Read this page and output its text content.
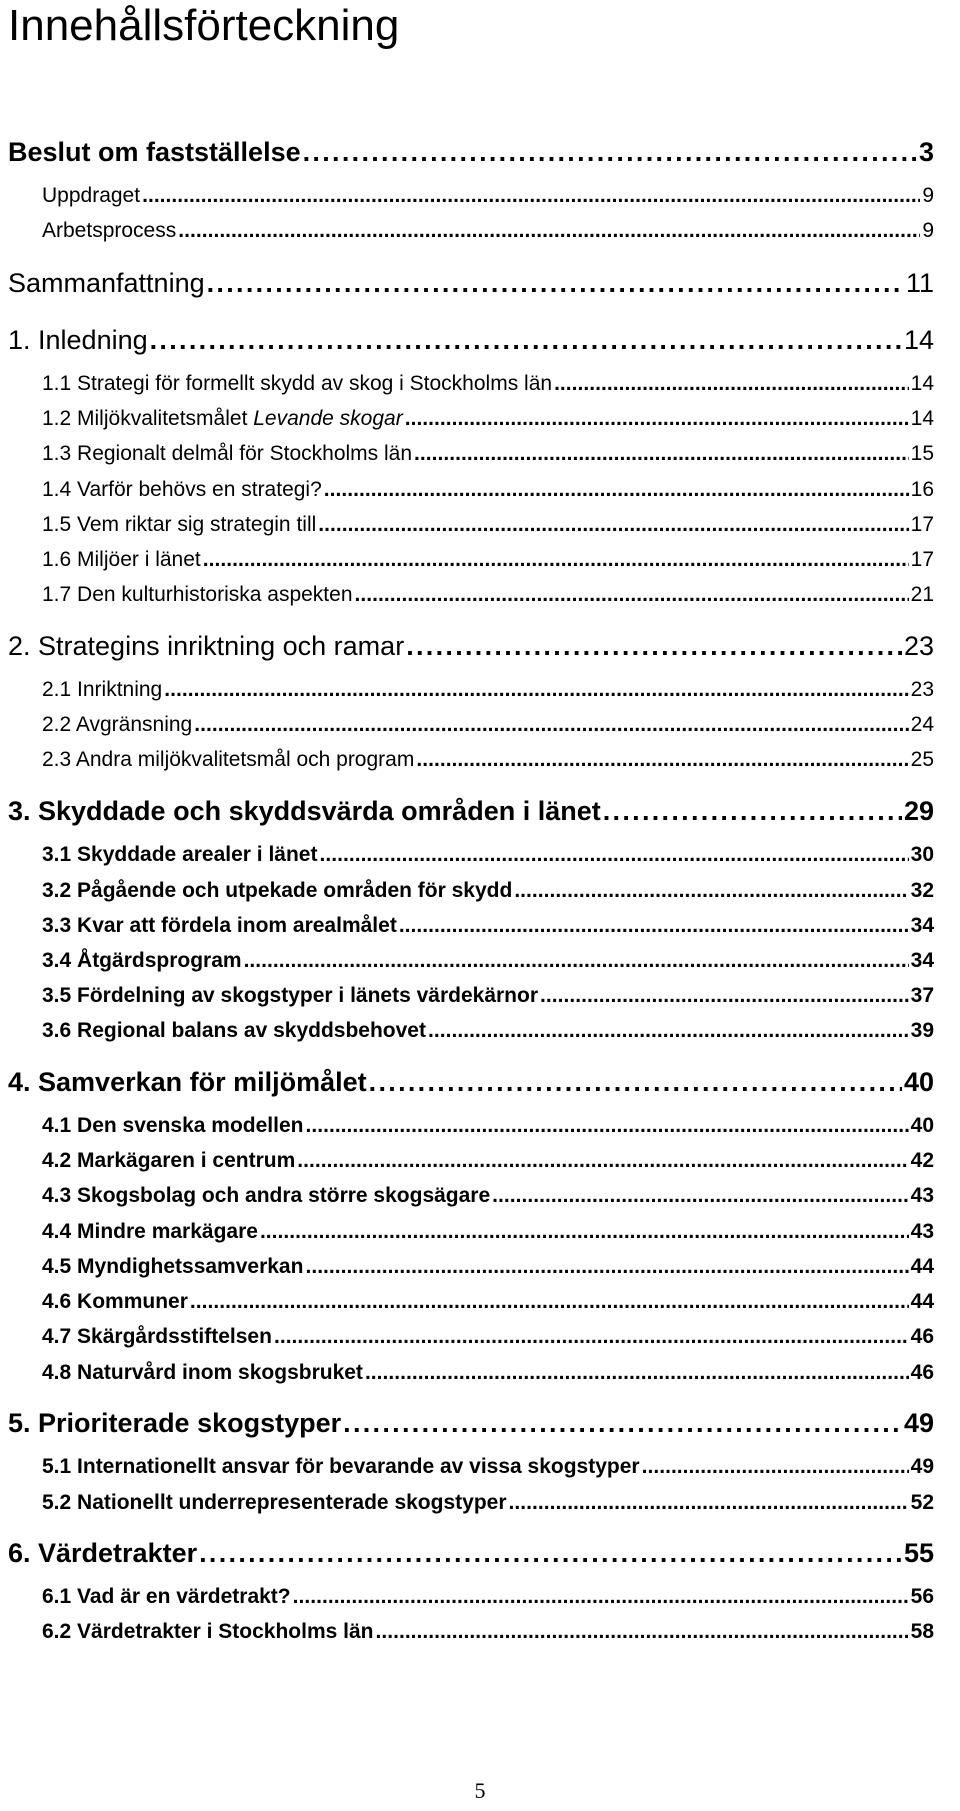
Innehållsförteckning
Beslut om fastställelse . . .	3
Uppdraget . . .	9
Arbetsprocess . . .	9
Sammanfattning . . .	11
1. Inledning . . .	14
1.1 Strategi för formellt skydd av skog i Stockholms län . . .	14
1.2 Miljökvalitetsmålet Levande skogar . . .	14
1.3 Regionalt delmål för Stockholms län . . .	15
1.4 Varför behövs en strategi? . . .	16
1.5 Vem riktar sig strategin till . . .	17
1.6 Miljöer i länet . . .	17
1.7 Den kulturhistoriska aspekten . . .	21
2. Strategins inriktning och ramar . . .	23
2.1 Inriktning . . .	23
2.2 Avgränsning . . .	24
2.3 Andra miljökvalitetsmål och program . . .	25
3. Skyddade och skyddsvärda områden i länet . . .	29
3.1 Skyddade arealer i länet . . .	30
3.2 Pågående och utpekade områden för skydd . . .	32
3.3 Kvar att fördela inom arealmålet . . .	34
3.4 Åtgärdsprogram . . .	34
3.5 Fördelning av skogstyper i länets värdekärnor . . .	37
3.6 Regional balans av skyddsbehovet . . .	39
4. Samverkan för miljömålet . . .	40
4.1 Den svenska modellen . . .	40
4.2 Markägaren i centrum . . .	42
4.3 Skogsbolag och andra större skogsägare . . .	43
4.4 Mindre markägare . . .	43
4.5 Myndighetssamverkan . . .	44
4.6 Kommuner . . .	44
4.7 Skärgårdsstiftelsen . . .	46
4.8 Naturvård inom skogsbruket . . .	46
5. Prioriterade skogstyper . . .	49
5.1 Internationellt ansvar för bevarande av vissa skogstyper . . .	49
5.2 Nationellt underrepresenterade skogstyper . . .	52
6. Värdetrakter . . .	55
6.1 Vad är en värdetrakt? . . .	56
6.2 Värdetrakter i Stockholms län . . .	58
5
